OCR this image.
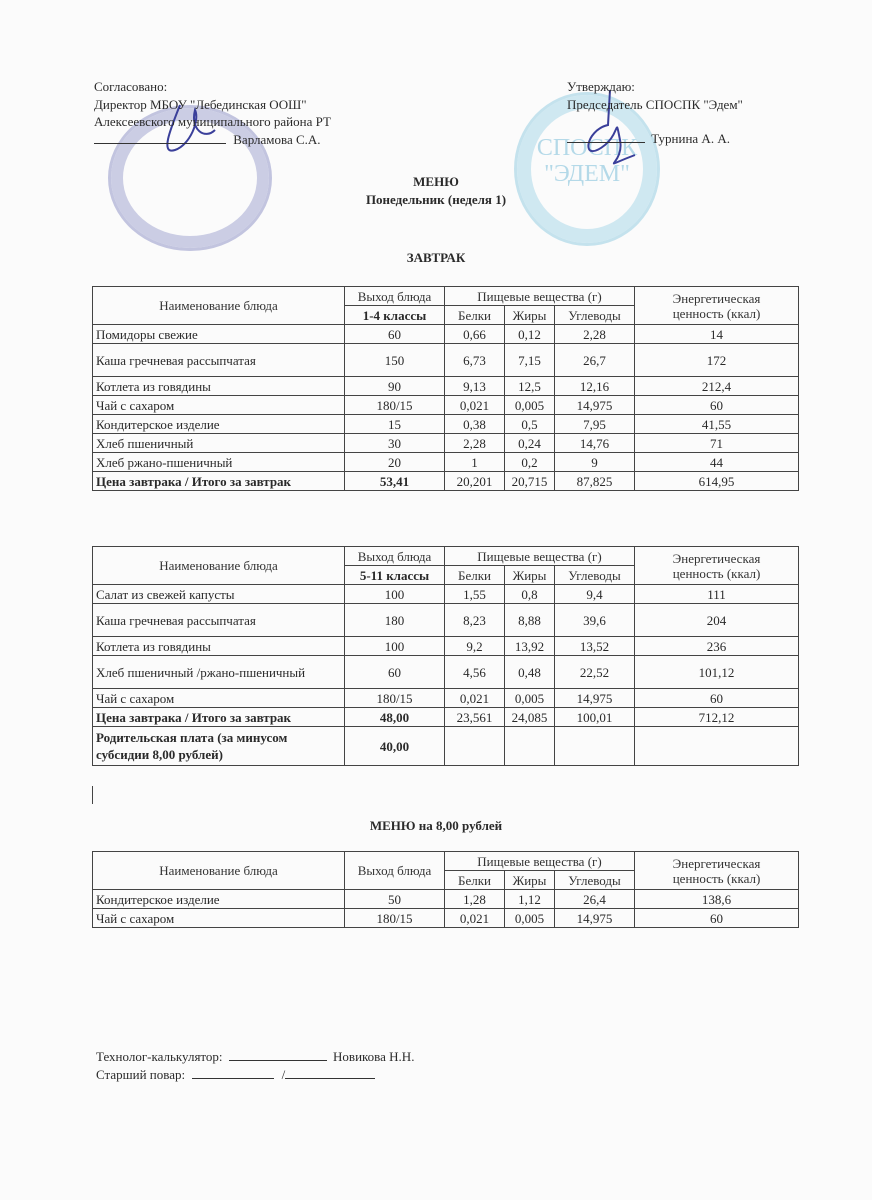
СПОСПК
"ЭДЕМ"
Согласовано:
Директор МБОУ "Лебединская ООШ"
Алексеевского муниципального района РТ
Варламова С.А.
Утверждаю:
Председатель СПОСПК "Эдем"
Турнина А. А.
МЕНЮ
Понедельник (неделя 1)
ЗАВТРАК
Наименование блюда	Выход блюда	Пищевые вещества (г)			Энергетическая ценность (ккал)
	1-4 классы	Белки	Жиры	Углеводы	
Помидоры свежие	60	0,66	0,12	2,28	14
Каша гречневая рассыпчатая	150	6,73	7,15	26,7	172
Котлета из говядины	90	9,13	12,5	12,16	212,4
Чай с сахаром	180/15	0,021	0,005	14,975	60
Кондитерское изделие	15	0,38	0,5	7,95	41,55
Хлеб пшеничный	30	2,28	0,24	14,76	71
Хлеб ржано-пшеничный	20	1	0,2	9	44
Цена завтрака / Итого за завтрак	53,41	20,201	20,715	87,825	614,95
Наименование блюда	Выход блюда	Пищевые вещества (г)			Энергетическая ценность (ккал)
	5-11 классы	Белки	Жиры	Углеводы	
Салат из свежей капусты	100	1,55	0,8	9,4	111
Каша гречневая рассыпчатая	180	8,23	8,88	39,6	204
Котлета из говядины	100	9,2	13,92	13,52	236
Хлеб пшеничный /ржано-пшеничный	60	4,56	0,48	22,52	101,12
Чай с сахаром	180/15	0,021	0,005	14,975	60
Цена завтрака / Итого за завтрак	48,00	23,561	24,085	100,01	712,12
Родительская плата (за минусом субсидии 8,00 рублей)	40,00				
МЕНЮ на 8,00 рублей
Наименование блюда	Выход блюда	Пищевые вещества (г)			Энергетическая ценность (ккал)
		Белки	Жиры	Углеводы	
Кондитерское изделие	50	1,28	1,12	26,4	138,6
Чай с сахаром	180/15	0,021	0,005	14,975	60
Технолог-калькулятор:	Новикова Н.Н.
Старший повар:	/
